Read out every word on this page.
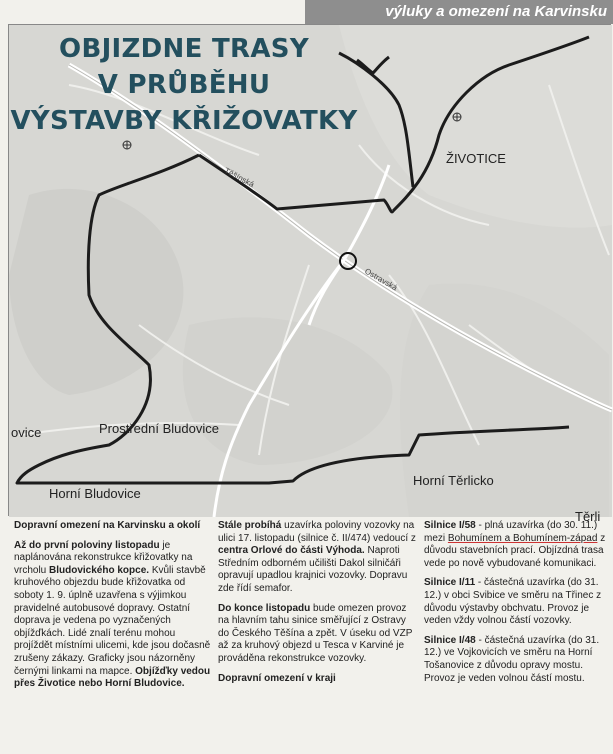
výluky a omezení na Karvinsku
OBJIZDNE TRASY
V PRŮBĚHU
VÝSTAVBY KŘIŽOVATKY
ŽIVOTICE
Prostřední Bludovice
Horní Bludovice
Horní Těrlicko
ovice
Těrli
Těšínská
Ostravská

Dopravní omezení na Karvinsku a okolí

Až do první poloviny listopadu je naplánována rekonstrukce křižovatky na vrcholu Bludovického kopce. Kvůli stavbě kruhového objezdu bude křižovatka od soboty 1. 9. úplně uzavřena s výjimkou pravidelné autobusové dopravy. Ostatní doprava je vedena po vyznačených objížďkách. Lidé znalí terénu mohou projíždět místními ulicemi, kde jsou dočasně zrušeny zákazy. Graficky jsou názorněny černými linkami na mapce. Objížďky vedou přes Životice nebo Horní Bludovice.

Stále probíhá uzavírka poloviny vozovky na ulici 17. listopadu (silnice č. II/474) vedoucí z centra Orlové do části Výhoda. Naproti Středním odborném učilišti Dakol silničáři opravují upadlou krajnici vozovky. Dopravu zde řídí semafor.

Do konce listopadu bude omezen provoz na hlavním tahu sinice směřující z Ostravy do Českého Těšína a zpět. V úseku od VZP až za kruhový objezd u Tesca v Karviné je prováděna rekonstrukce vozovky.

Dopravní omezení v kraji

Silnice I/58 - plná uzavírka (do 30. 11.) mezi Bohumínem a Bohumínem-západ z důvodu stavebních prací. Objízdná trasa vede po nově vybudované komunikaci.

Silnice I/11 - částečná uzavírka (do 31. 12.) v obci Svibice ve směru na Třinec z důvodu výstavby obchvatu. Provoz je veden vždy volnou částí vozovky.

Silnice I/48 - částečná uzavírka (do 31. 12.) ve Vojkovicích ve směru na Horní Tošanovice z důvodu opravy mostu. Provoz je veden volnou částí mostu.
